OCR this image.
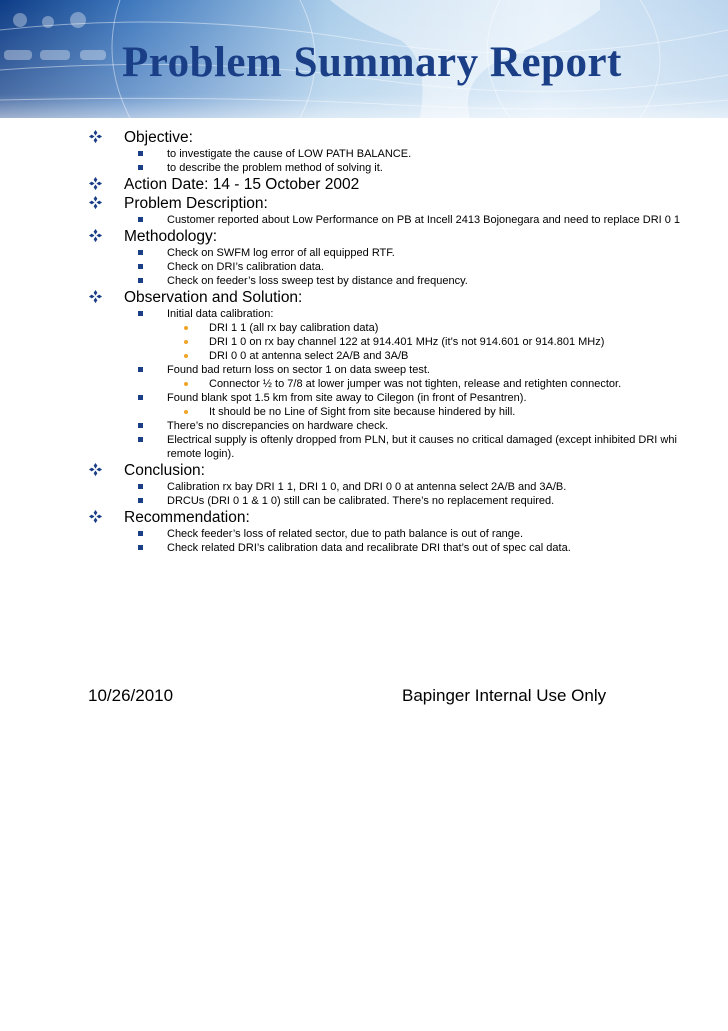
Problem Summary Report
Objective:
to investigate the cause of LOW PATH BALANCE.
to describe the problem method of solving it.
Action Date: 14 - 15 October 2002
Problem Description:
Customer reported about Low Performance on PB at Incell 2413 Bojonegara and need to replace DRI 0 1
Methodology:
Check on SWFM log error of all equipped RTF.
Check on DRI’s calibration data.
Check on feeder’s loss sweep test by distance and frequency.
Observation and Solution:
Initial data calibration:
DRI 1 1 (all rx bay calibration data)
DRI 1 0 on rx bay channel 122 at 914.401 MHz (it’s not 914.601 or 914.801 MHz)
DRI 0 0 at antenna select 2A/B and 3A/B
Found bad return loss on sector 1 on data sweep test.
Connector ½ to 7/8 at lower jumper was not tighten, release and retighten connector.
Found blank spot 1.5 km from site away to Cilegon (in front of Pesantren).
It should be no Line of Sight from site because hindered by hill.
There’s no discrepancies on hardware check.
Electrical supply is oftenly dropped from PLN, but it causes no critical damaged (except inhibited DRI whi
remote login).
Conclusion:
Calibration rx bay DRI 1 1, DRI 1 0, and DRI 0 0 at antenna select 2A/B and 3A/B.
DRCUs (DRI 0 1 & 1 0) still can be calibrated. There’s no replacement required.
Recommendation:
Check feeder’s loss of related sector, due to path balance is out of range.
Check related DRI’s calibration data and recalibrate DRI that’s out of spec cal data.
10/26/2010	Bapinger Internal Use Only
